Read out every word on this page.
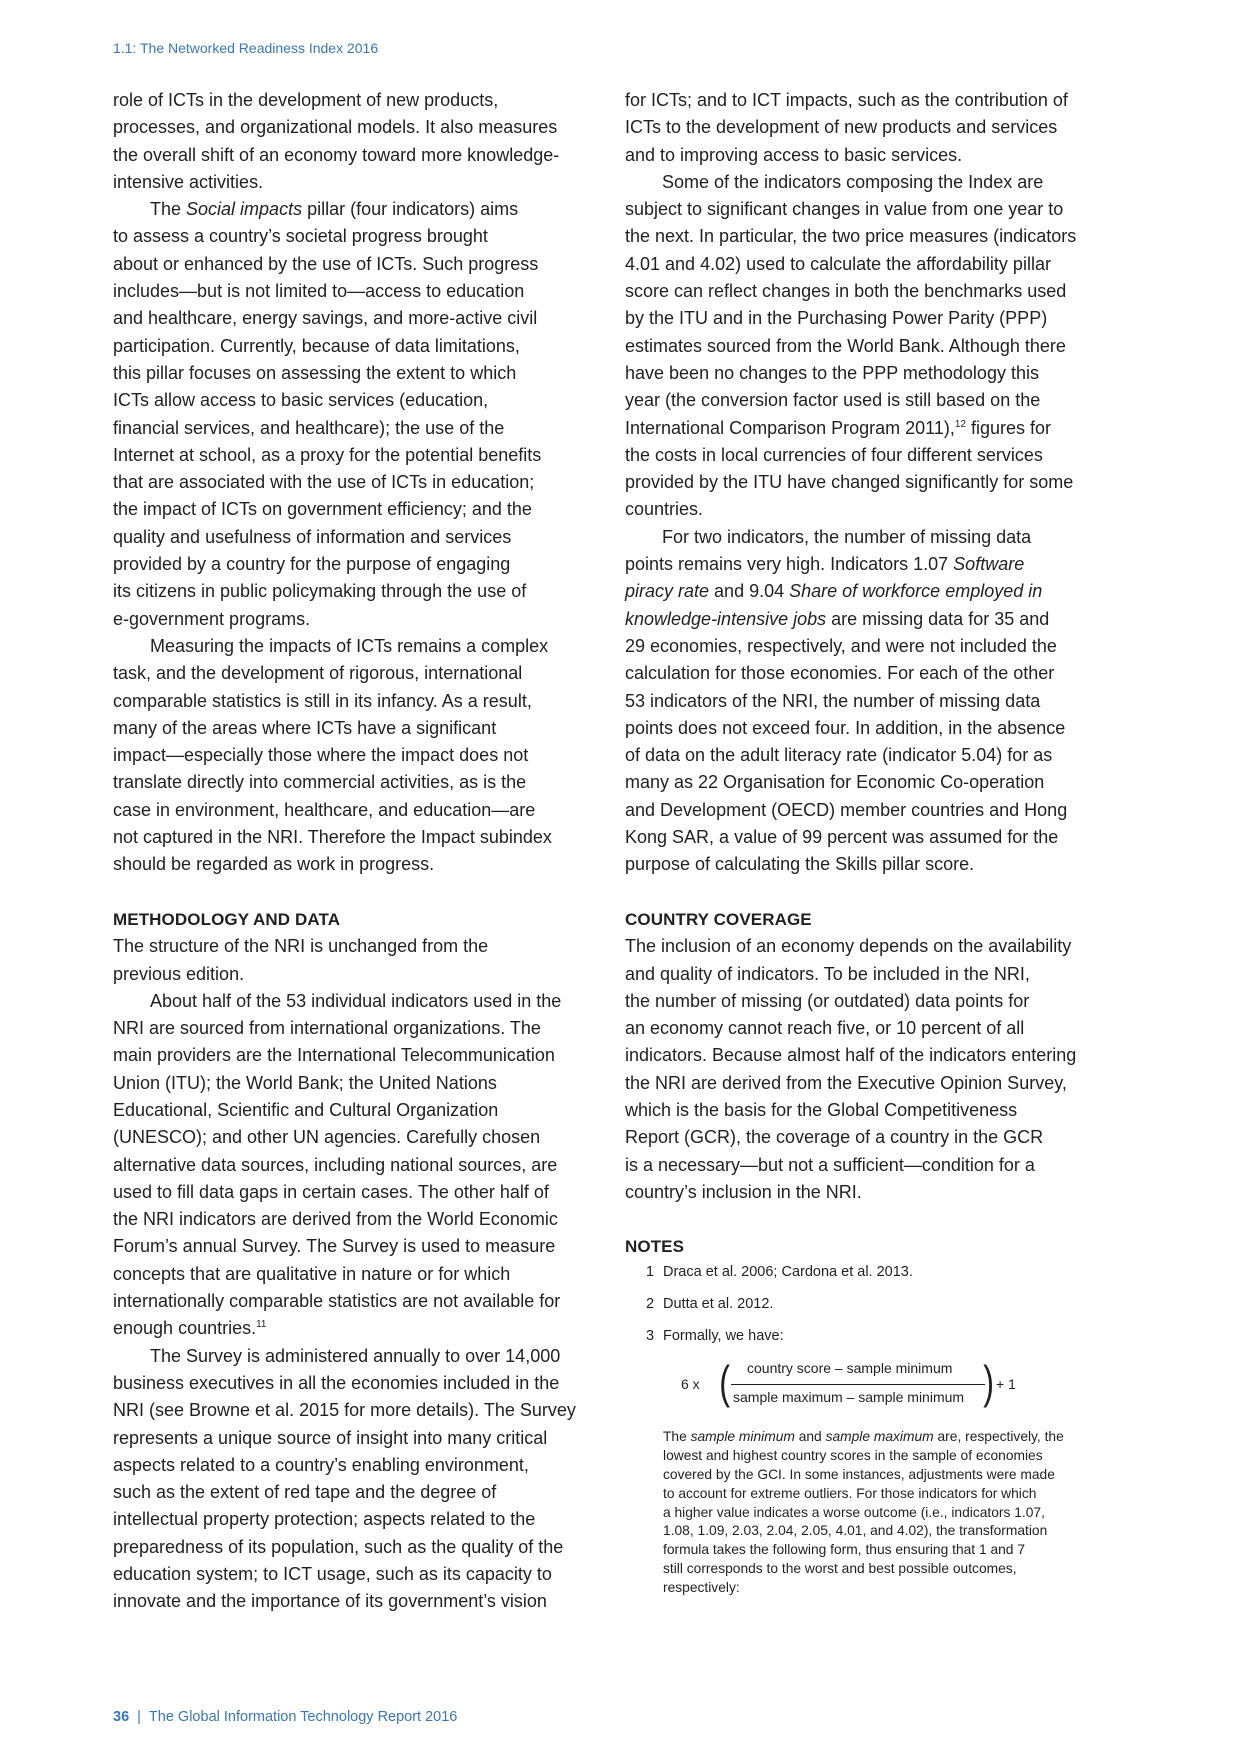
1.1: The Networked Readiness Index 2016
role of ICTs in the development of new products,
processes, and organizational models. It also measures
the overall shift of an economy toward more knowledge-
intensive activities.
The Social impacts pillar (four indicators) aims
to assess a country’s societal progress brought
about or enhanced by the use of ICTs. Such progress
includes—but is not limited to—access to education
and healthcare, energy savings, and more-active civil
participation. Currently, because of data limitations,
this pillar focuses on assessing the extent to which
ICTs allow access to basic services (education,
financial services, and healthcare); the use of the
Internet at school, as a proxy for the potential benefits
that are associated with the use of ICTs in education;
the impact of ICTs on government efficiency; and the
quality and usefulness of information and services
provided by a country for the purpose of engaging
its citizens in public policymaking through the use of
e-government programs.
Measuring the impacts of ICTs remains a complex
task, and the development of rigorous, international
comparable statistics is still in its infancy. As a result,
many of the areas where ICTs have a significant
impact—especially those where the impact does not
translate directly into commercial activities, as is the
case in environment, healthcare, and education—are
not captured in the NRI. Therefore the Impact subindex
should be regarded as work in progress.
METHODOLOGY AND DATA
The structure of the NRI is unchanged from the
previous edition.
About half of the 53 individual indicators used in the
NRI are sourced from international organizations. The
main providers are the International Telecommunication
Union (ITU); the World Bank; the United Nations
Educational, Scientific and Cultural Organization
(UNESCO); and other UN agencies. Carefully chosen
alternative data sources, including national sources, are
used to fill data gaps in certain cases. The other half of
the NRI indicators are derived from the World Economic
Forum’s annual Survey. The Survey is used to measure
concepts that are qualitative in nature or for which
internationally comparable statistics are not available for
enough countries.$^{11}$
The Survey is administered annually to over 14,000
business executives in all the economies included in the
NRI (see Browne et al. 2015 for more details). The Survey
represents a unique source of insight into many critical
aspects related to a country’s enabling environment,
such as the extent of red tape and the degree of
intellectual property protection; aspects related to the
preparedness of its population, such as the quality of the
education system; to ICT usage, such as its capacity to
innovate and the importance of its government’s vision
for ICTs; and to ICT impacts, such as the contribution of
ICTs to the development of new products and services
and to improving access to basic services.
Some of the indicators composing the Index are
subject to significant changes in value from one year to
the next. In particular, the two price measures (indicators
4.01 and 4.02) used to calculate the affordability pillar
score can reflect changes in both the benchmarks used
by the ITU and in the Purchasing Power Parity (PPP)
estimates sourced from the World Bank. Although there
have been no changes to the PPP methodology this
year (the conversion factor used is still based on the
International Comparison Program 2011),$^{12}$ figures for
the costs in local currencies of four different services
provided by the ITU have changed significantly for some
countries.
For two indicators, the number of missing data
points remains very high. Indicators 1.07 Software
piracy rate and 9.04 Share of workforce employed in
knowledge-intensive jobs are missing data for 35 and
29 economies, respectively, and were not included the
calculation for those economies. For each of the other
53 indicators of the NRI, the number of missing data
points does not exceed four. In addition, in the absence
of data on the adult literacy rate (indicator 5.04) for as
many as 22 Organisation for Economic Co-operation
and Development (OECD) member countries and Hong
Kong SAR, a value of 99 percent was assumed for the
purpose of calculating the Skills pillar score.
COUNTRY COVERAGE
The inclusion of an economy depends on the availability
and quality of indicators. To be included in the NRI,
the number of missing (or outdated) data points for
an economy cannot reach five, or 10 percent of all
indicators. Because almost half of the indicators entering
the NRI are derived from the Executive Opinion Survey,
which is the basis for the Global Competitiveness
Report (GCR), the coverage of a country in the GCR
is a necessary—but not a sufficient—condition for a
country’s inclusion in the NRI.
NOTES
1 Draca et al. 2006; Cardona et al. 2013.
2 Dutta et al. 2012.
3 Formally, we have:
6 x ( country score – sample minimum
sample maximum – sample minimum ) + 1
The sample minimum and sample maximum are, respectively, the
lowest and highest country scores in the sample of economies
covered by the GCI. In some instances, adjustments were made
to account for extreme outliers. For those indicators for which
a higher value indicates a worse outcome (i.e., indicators 1.07,
1.08, 1.09, 2.03, 2.04, 2.05, 4.01, and 4.02), the transformation
formula takes the following form, thus ensuring that 1 and 7
still corresponds to the worst and best possible outcomes,
respectively:
36 | The Global Information Technology Report 2016
